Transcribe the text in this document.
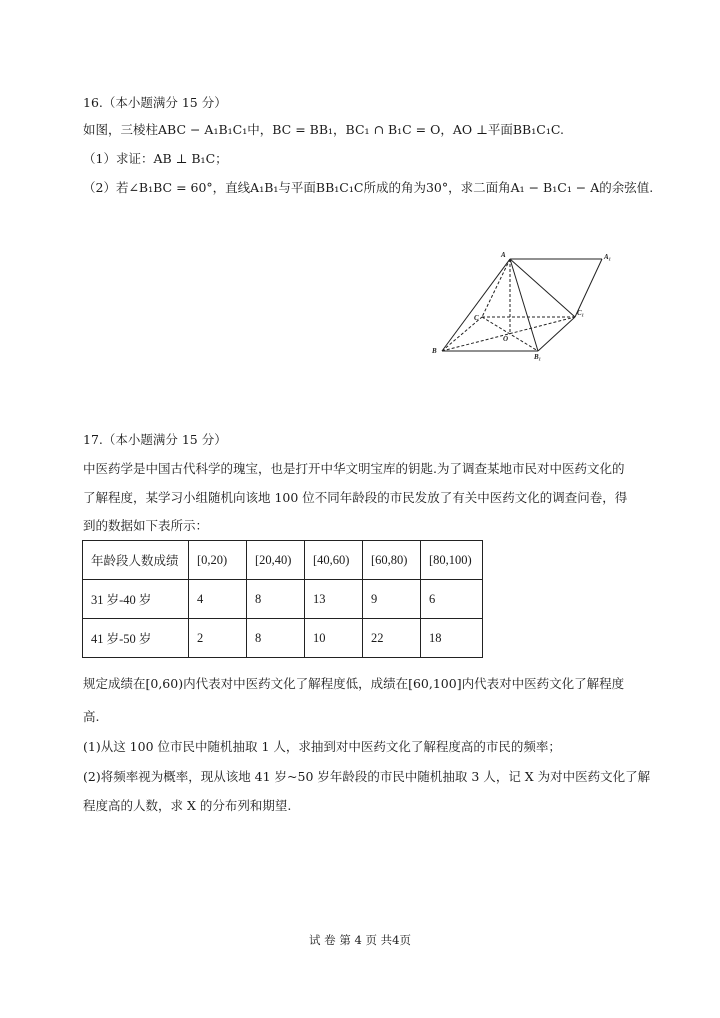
16.（本小题满分 15 分）
如图，三棱柱ABC − A₁B₁C₁中，BC = BB₁，BC₁ ∩ B₁C = O，AO ⊥平面BB₁C₁C.
（1）求证：AB ⊥ B₁C；
（2）若∠B₁BC = 60°，直线A₁B₁与平面BB₁C₁C所成的角为30°，求二面角A₁ − B₁C₁ − A的余弦值.
A	A₁
B
B₁
C
C₁
O
17.（本小题满分 15 分）
中医药学是中国古代科学的瑰宝，也是打开中华文明宝库的钥匙.为了调查某地市民对中医药文化的
了解程度，某学习小组随机向该地 100 位不同年龄段的市民发放了有关中医药文化的调查问卷，得
到的数据如下表所示：
年龄段人数成绩	[0,20)	[20,40)	[40,60)	[60,80)	[80,100)
31 岁-40 岁	4	8	13	9	6
41 岁-50 岁	2	8	10	22	18
规定成绩在[0,60)内代表对中医药文化了解程度低，成绩在[60,100]内代表对中医药文化了解程度
高.
(1)从这 100 位市民中随机抽取 1 人，求抽到对中医药文化了解程度高的市民的频率；
(2)将频率视为概率，现从该地 41 岁~50 岁年龄段的市民中随机抽取 3 人，记 X 为对中医药文化了解
程度高的人数，求 X 的分布列和期望.
试 卷 第 4 页 共4页
